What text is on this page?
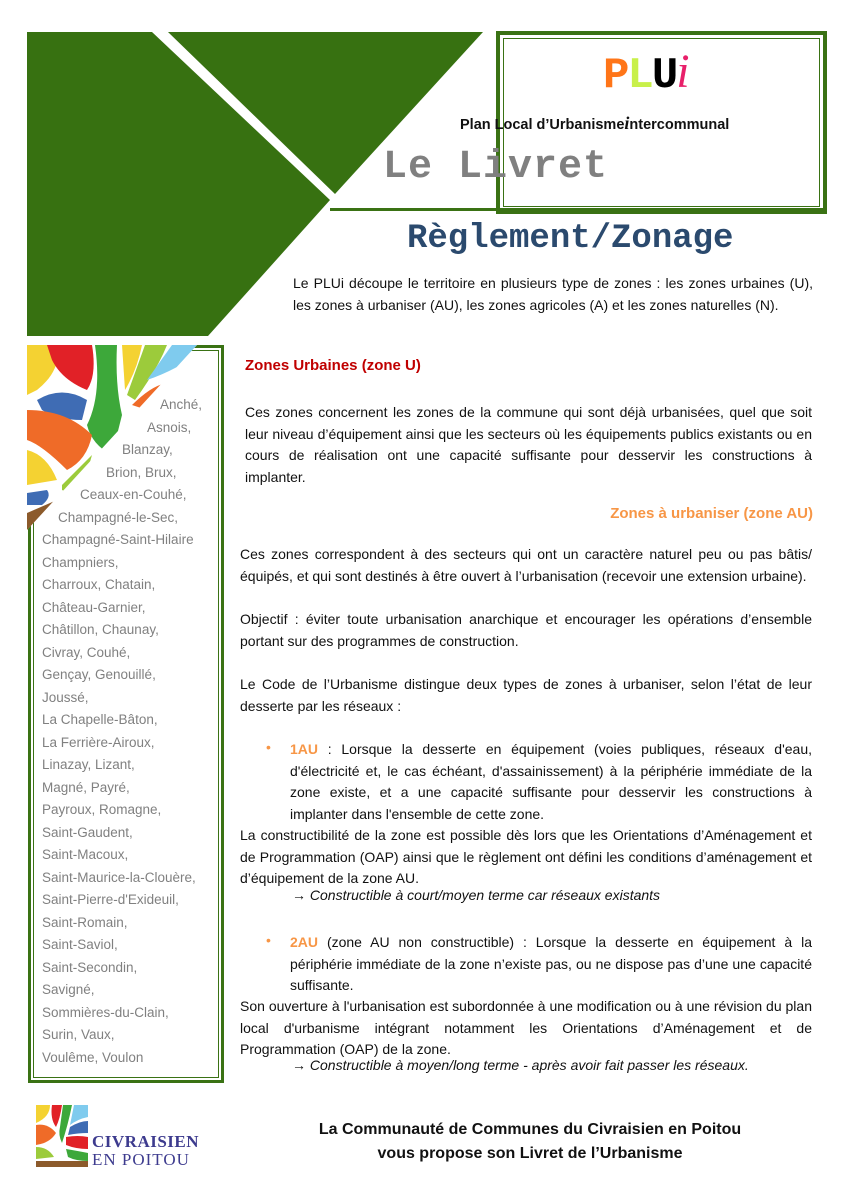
PLUi
Plan Local d’Urbanismeintercommunal
Le Livret
Règlement/Zonage
Le PLUi découpe le territoire en plusieurs type de zones : les zones urbaines (U), les zones à urbaniser (AU), les zones agricoles (A) et les zones naturelles (N).
Anché,
Asnois,
Blanzay,
Brion, Brux,
Ceaux-en-Couhé,
Champagné-le-Sec,
Champagné-Saint-Hilaire
Champniers,
Charroux, Chatain,
Château-Garnier,
Châtillon, Chaunay,
Civray, Couhé,
Gençay, Genouillé,
Joussé,
La Chapelle-Bâton,
La Ferrière-Airoux,
Linazay, Lizant,
Magné, Payré,
Payroux, Romagne,
Saint-Gaudent,
Saint-Macoux,
Saint-Maurice-la-Clouère,
Saint-Pierre-d'Exideuil,
Saint-Romain,
Saint-Saviol,
Saint-Secondin,
Savigné,
Sommières-du-Clain,
Surin, Vaux,
Voulême, Voulon
Zones Urbaines (zone U)
Ces zones concernent les zones de la commune qui sont déjà urbanisées, quel que soit leur niveau d’équipement ainsi que les secteurs où les équipements publics existants ou en cours de réalisation ont une capacité suffisante pour desservir les constructions à implanter.
Zones à urbaniser (zone AU)
Ces zones correspondent à des secteurs qui ont un caractère naturel peu ou pas bâtis/équipés, et qui sont destinés à être ouvert à l’urbanisation (recevoir une extension urbaine).
Objectif : éviter toute urbanisation anarchique et encourager les opérations d’ensemble portant sur des programmes de construction.
Le Code de l’Urbanisme distingue deux types de zones à urbaniser, selon l’état de leur desserte par les réseaux :
• 1AU : Lorsque la desserte en équipement (voies publiques, réseaux d'eau, d'électricité et, le cas échéant, d'assainissement) à la périphérie immédiate de la zone existe, et a une capacité suffisante pour desservir les constructions à implanter dans l'ensemble de cette zone.
La constructibilité de la zone est possible dès lors que les Orientations d’Aménagement et de Programmation (OAP) ainsi que le règlement ont défini les conditions d’aménagement et d’équipement de la zone AU.
→ Constructible à court/moyen terme car réseaux existants
• 2AU (zone AU non constructible) : Lorsque la desserte en équipement à la périphérie immédiate de la zone n’existe pas, ou ne dispose pas d’une une capacité suffisante.
Son ouverture à l'urbanisation est subordonnée à une modification ou à une révision du plan local d'urbanisme intégrant notamment les Orientations d’Aménagement et de Programmation (OAP) de la zone.
→ Constructible à moyen/long terme - après avoir fait passer les réseaux.
CIVRAISIEN
EN POITOU
La Communauté de Communes du Civraisien en Poitou
vous propose son Livret de l’Urbanisme
